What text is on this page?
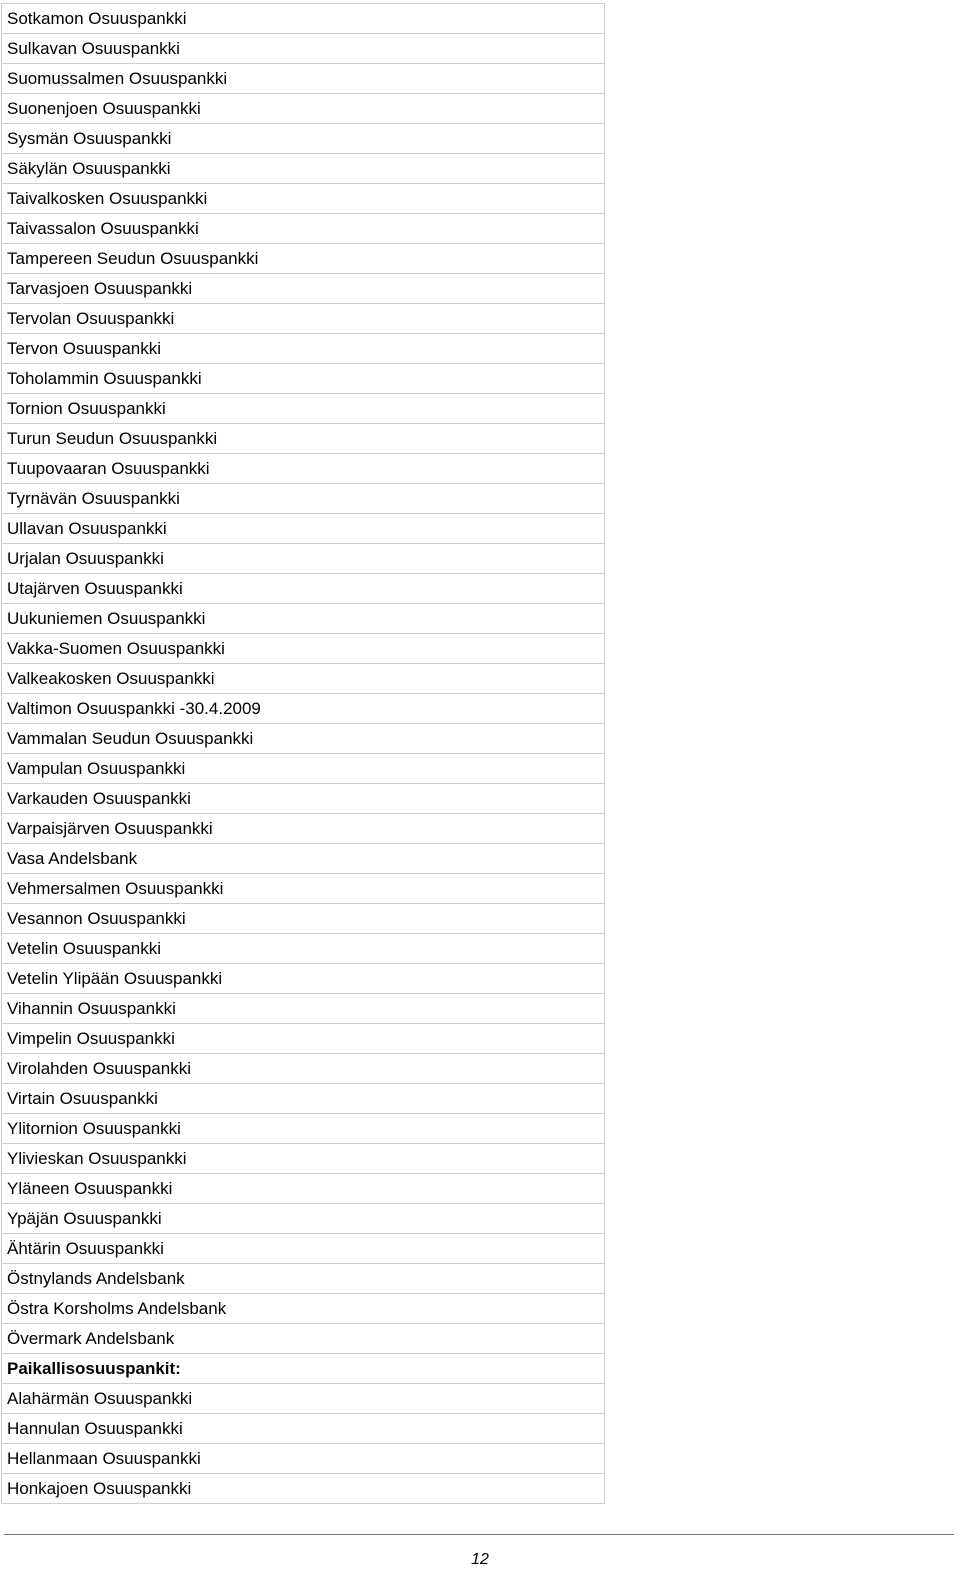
Sotkamon Osuuspankki
Sulkavan Osuuspankki
Suomussalmen Osuuspankki
Suonenjoen Osuuspankki
Sysmän Osuuspankki
Säkylän Osuuspankki
Taivalkosken Osuuspankki
Taivassalon Osuuspankki
Tampereen Seudun Osuuspankki
Tarvasjoen Osuuspankki
Tervolan Osuuspankki
Tervon Osuuspankki
Toholammin Osuuspankki
Tornion Osuuspankki
Turun Seudun Osuuspankki
Tuupovaaran Osuuspankki
Tyrnävän Osuuspankki
Ullavan Osuuspankki
Urjalan Osuuspankki
Utajärven Osuuspankki
Uukuniemen Osuuspankki
Vakka-Suomen Osuuspankki
Valkeakosken Osuuspankki
Valtimon Osuuspankki -30.4.2009
Vammalan Seudun Osuuspankki
Vampulan Osuuspankki
Varkauden Osuuspankki
Varpaisjärven Osuuspankki
Vasa Andelsbank
Vehmersalmen Osuuspankki
Vesannon Osuuspankki
Vetelin Osuuspankki
Vetelin Ylipään Osuuspankki
Vihannin Osuuspankki
Vimpelin Osuuspankki
Virolahden Osuuspankki
Virtain Osuuspankki
Ylitornion Osuuspankki
Ylivieskan Osuuspankki
Yläneen Osuuspankki
Ypäjän Osuuspankki
Ähtärin Osuuspankki
Östnylands Andelsbank
Östra Korsholms Andelsbank
Övermark Andelsbank
Paikallisosuuspankit:
Alahärmän Osuuspankki
Hannulan Osuuspankki
Hellanmaan Osuuspankki
Honkajoen Osuuspankki
12
